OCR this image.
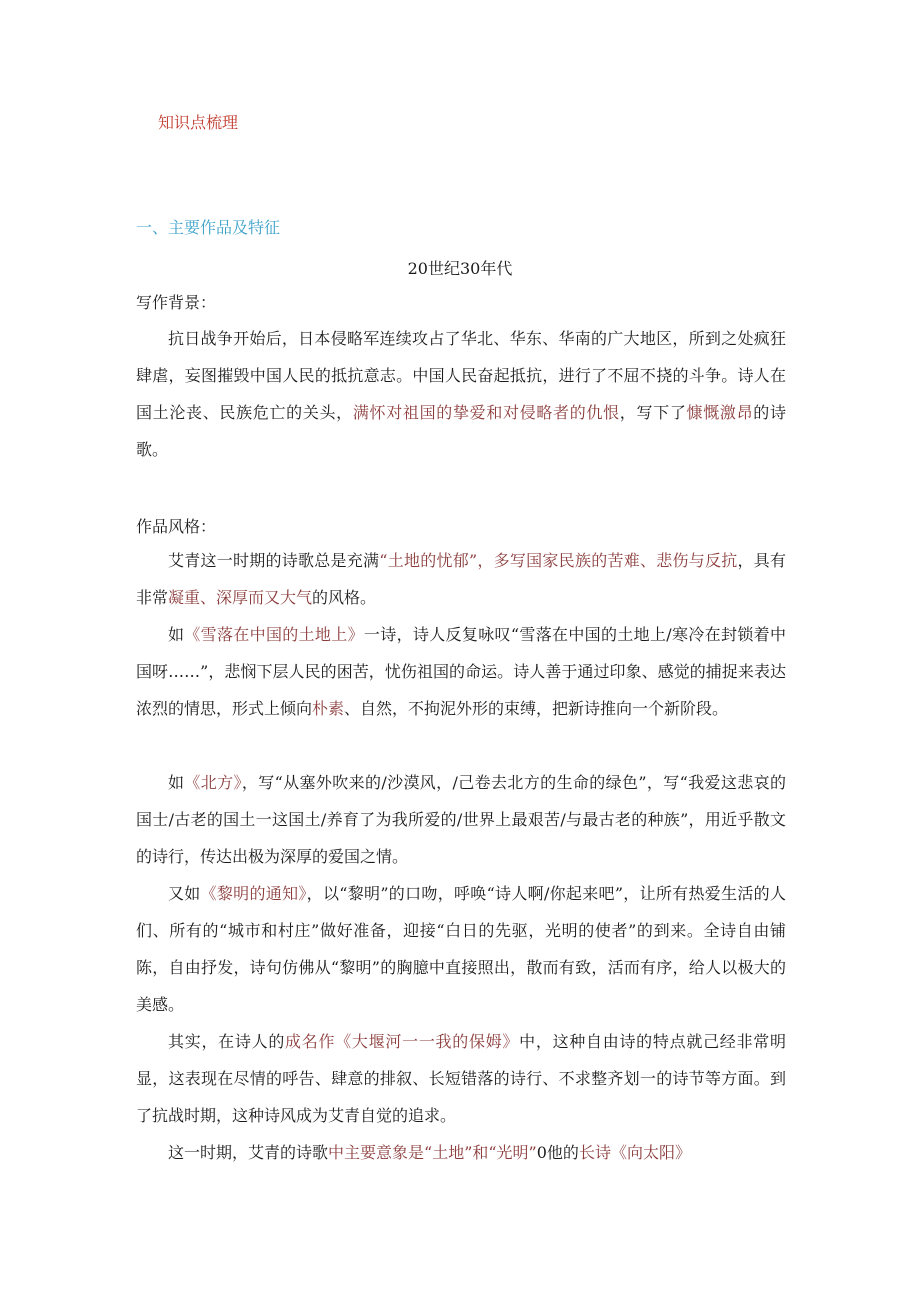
知识点梳理
一、主要作品及特征
20世纪30年代
写作背景：

抗日战争开始后，日本侵略军连续攻占了华北、华东、华南的广大地区，所到之处疯狂肆虐，妄图摧毁中国人民的抵抗意志。中国人民奋起抵抗，进行了不屈不挠的斗争。诗人在国土沦丧、民族危亡的关头，满怀对祖国的挚爱和对侵略者的仇恨，写下了慷慨激昂的诗歌。

作品风格：

艾青这一时期的诗歌总是充满“土地的忧郁”，多写国家民族的苦难、悲伤与反抗，具有非常凝重、深厚而又大气的风格。

如《雪落在中国的土地上》一诗，诗人反复咏叹“雪落在中国的土地上/寒冷在封锁着中国呀……”，悲悯下层人民的困苦，忧伤祖国的命运。诗人善于通过印象、感觉的捕捉来表达浓烈的情思，形式上倾向朴素、自然，不拘泥外形的束缚，把新诗推向一个新阶段。

如《北方》，写“从塞外吹来的/沙漠风，/己卷去北方的生命的绿色”，写“我爱这悲哀的国士/古老的国土一这国土/养育了为我所爱的/世界上最艰苦/与最古老的种族”，用近乎散文的诗行，传达出极为深厚的爱国之情。

又如《黎明的通知》，以“黎明”的口吻，呼唤“诗人啊/你起来吧”，让所有热爱生活的人们、所有的“城市和村庄”做好准备，迎接“白日的先驱，光明的使者”的到来。全诗自由铺陈，自由抒发，诗句仿佛从“黎明”的胸臆中直接照出，散而有致，活而有序，给人以极大的美感。

其实，在诗人的成名作《大堰河一一我的保姆》中，这种自由诗的特点就己经非常明显，这表现在尽情的呼告、肆意的排叙、长短错落的诗行、不求整齐划一的诗节等方面。到了抗战时期，这种诗风成为艾青自觉的追求。

这一时期，艾青的诗歌中主要意象是“土地”和“光明”0他的长诗《向太阳》
